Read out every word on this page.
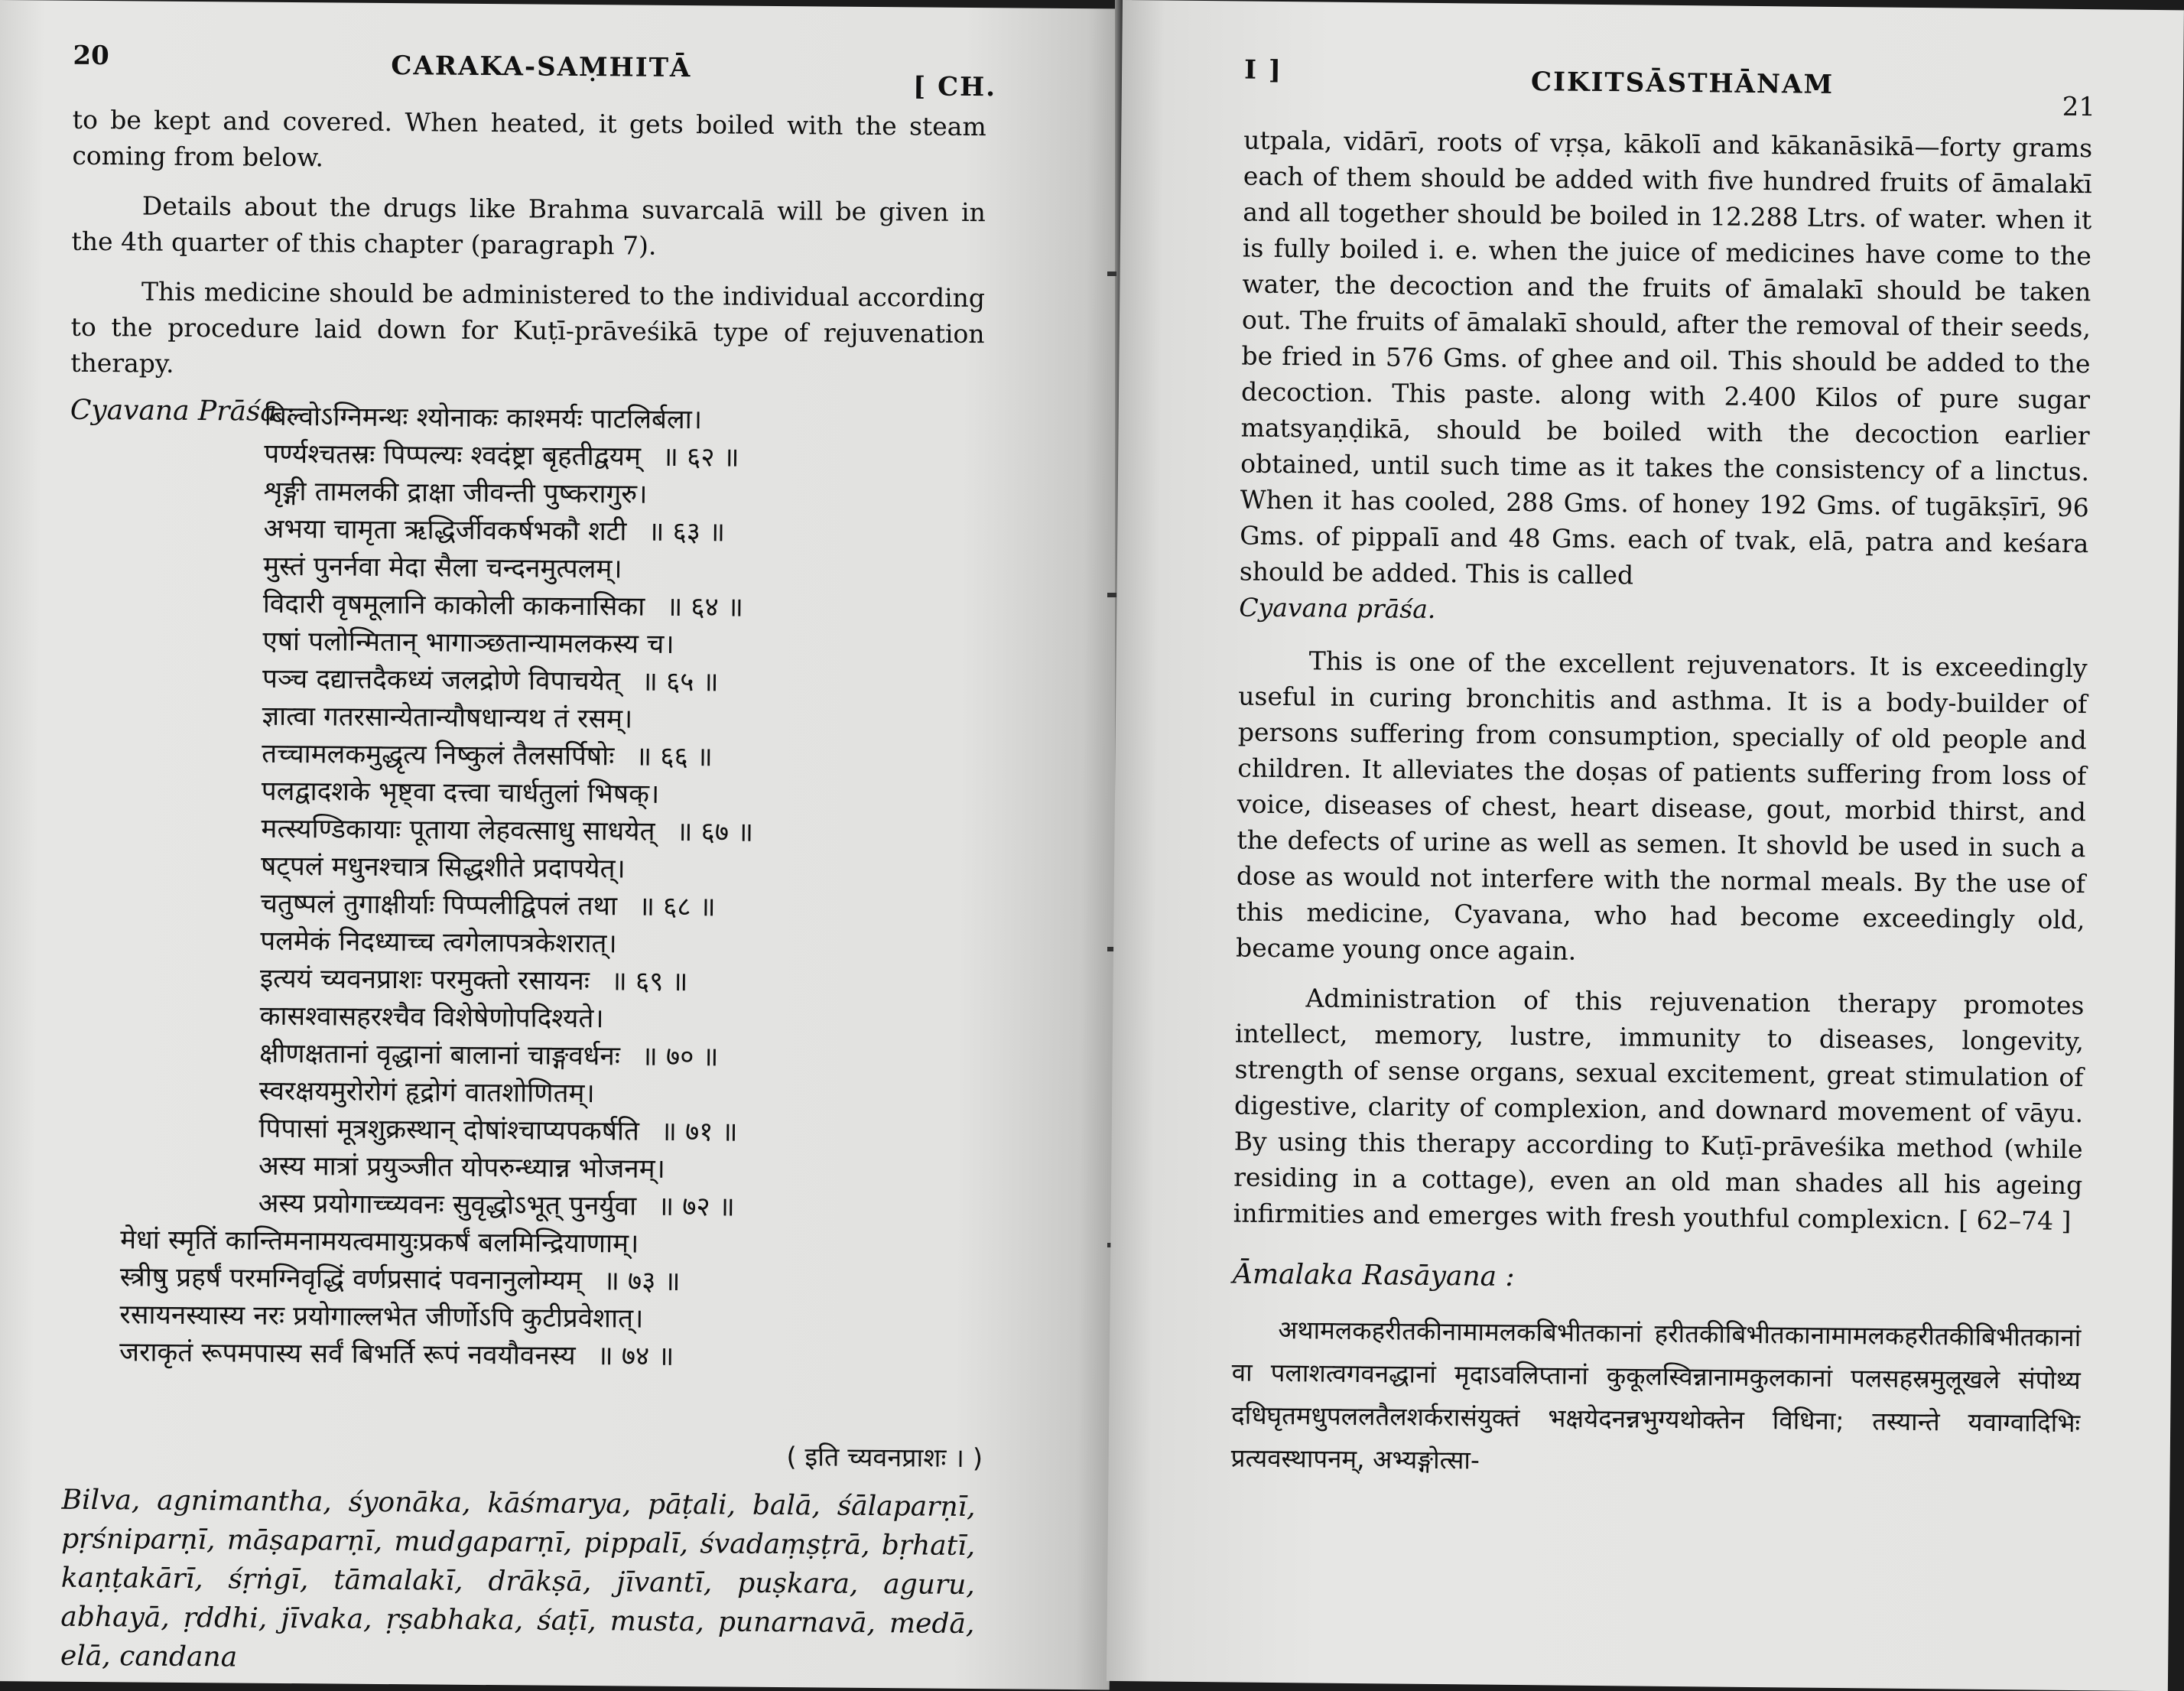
20	CARAKA-SAṂHITĀ
[ CH.

to be kept and covered. When heated, it gets boiled with the steam coming from below.

Details about the drugs like Brahma suvarcalā will be given in the 4th quarter of this chapter (paragraph 7).

This medicine should be administered to the individual according to the procedure laid down for Kuṭī-prāveśikā type of rejuvenation therapy.

Cyavana Prāśa :
बिल्वोऽग्निमन्थः श्योनाकः काश्मर्यः पाटलिर्बला।
पर्ण्यश्चतस्रः पिप्पल्यः श्वदंष्ट्रा बृहतीद्वयम् ॥ ६२ ॥
शृङ्गी तामलकी द्राक्षा जीवन्ती पुष्करागुरु।
अभया चामृता ऋद्धिर्जीवकर्षभकौ शटी ॥ ६३ ॥
मुस्तं पुनर्नवा मेदा सैला चन्दनमुत्पलम्।
विदारी वृषमूलानि काकोली काकनासिका ॥ ६४ ॥
एषां पलोन्मितान् भागाञ्छतान्यामलकस्य च।
पञ्च दद्यात्तदैकध्यं जलद्रोणे विपाचयेत् ॥ ६५ ॥
ज्ञात्वा गतरसान्येतान्यौषधान्यथ तं रसम्।
तच्चामलकमुद्धृत्य निष्कुलं तैलसर्पिषोः ॥ ६६ ॥
पलद्वादशके भृष्ट्वा दत्त्वा चार्धतुलां भिषक्।
मत्स्यण्डिकायाः पूताया लेहवत्साधु साधयेत् ॥ ६७ ॥
षट्पलं मधुनश्चात्र सिद्धशीते प्रदापयेत्।
चतुष्पलं तुगाक्षीर्याः पिप्पलीद्विपलं तथा ॥ ६८ ॥
पलमेकं निदध्याच्च त्वगेलापत्रकेशरात्।
इत्ययं च्यवनप्राशः परमुक्तो रसायनः ॥ ६९ ॥
कासश्वासहरश्चैव विशेषेणोपदिश्यते।
क्षीणक्षतानां वृद्धानां बालानां चाङ्गवर्धनः ॥ ७० ॥
स्वरक्षयमुरोरोगं हृद्रोगं वातशोणितम्।
पिपासां मूत्रशुक्रस्थान् दोषांश्चाप्यपकर्षति ॥ ७१ ॥
अस्य मात्रां प्रयुञ्जीत योपरुन्ध्यान्न भोजनम्।
अस्य प्रयोगाच्च्यवनः सुवृद्धोऽभूत् पुनर्युवा ॥ ७२ ॥
मेधां स्मृतिं कान्तिमनामयत्वमायुःप्रकर्षं बलमिन्द्रियाणाम्।
स्त्रीषु प्रहर्षं परमग्निवृद्धिं वर्णप्रसादं पवनानुलोम्यम् ॥ ७३ ॥
रसायनस्यास्य नरः प्रयोगाल्लभेत जीर्णोऽपि कुटीप्रवेशात्।
जराकृतं रूपमपास्य सर्वं बिभर्ति रूपं नवयौवनस्य ॥ ७४ ॥
( इति च्यवनप्राशः । )
Bilva, agnimantha, śyonāka, kāśmarya, pāṭali, balā, śālaparṇī, pṛśniparṇī, māṣaparṇī, mudgaparṇī, pippalī, śvadaṃṣṭrā, bṛhatī, kaṇṭakārī, śṛṅgī, tāmalakī, drākṣā, jīvantī, puṣkara, aguru, abhayā, ṛddhi, jīvaka, ṛṣabhaka, śaṭī, musta, punarnavā, medā, elā, candana
I ]	CIKITSĀSTHĀNAM
21

utpala, vidārī, roots of vṛṣa, kākolī and kākanāsikā—forty grams each of them should be added with five hundred fruits of āmalakī and all together should be boiled in 12.288 Ltrs. of water. when it is fully boiled i. e. when the juice of medicines have come to the water, the decoction and the fruits of āmalakī should be taken out. The fruits of āmalakī should, after the removal of their seeds, be fried in 576 Gms. of ghee and oil. This should be added to the decoction. This paste. along with 2.400 Kilos of pure sugar matsyaṇḍikā, should be boiled with the decoction earlier obtained, until such time as it takes the consistency of a linctus. When it has cooled, 288 Gms. of honey 192 Gms. of tugākṣīrī, 96 Gms. of pippalī and 48 Gms. each of tvak, elā, patra and keśara should be added. This is called

Cyavana prāśa.

This is one of the excellent rejuvenators. It is exceedingly useful in curing bronchitis and asthma. It is a body-builder of persons suffering from consumption, specially of old people and children. It alleviates the doṣas of patients suffering from loss of voice, diseases of chest, heart disease, gout, morbid thirst, and the defects of urine as well as semen. It shovld be used in such a dose as would not interfere with the normal meals. By the use of this medicine, Cyavana, who had become exceedingly old, became young once again.

Administration of this rejuvenation therapy promotes intellect, memory, lustre, immunity to diseases, longevity, strength of sense organs, sexual excitement, great stimulation of digestive, clarity of complexion, and downard movement of vāyu. By using this therapy according to Kuṭī-prāveśika method (while residing in a cottage), even an old man shades all his ageing infirmities and emerges with fresh youthful complexicn. [ 62–74 ]

Āmalaka Rasāyana :
अथामलकहरीतकीनामामलकबिभीतकानां हरीतकीबिभीतकानामामलकहरीतकीबिभीतकानां वा पलाशत्वगवनद्धानां मृदाऽवलिप्तानां कुकूलस्विन्नानामकुलकानां पलसहस्रमुलूखले संपोथ्य दधिघृतमधुपललतैलशर्करासंयुक्तं भक्षयेदनन्नभुग्यथोक्तेन विधिना; तस्यान्ते यवाग्वादिभिः प्रत्यवस्थापनम्, अभ्यङ्गोत्सा-
